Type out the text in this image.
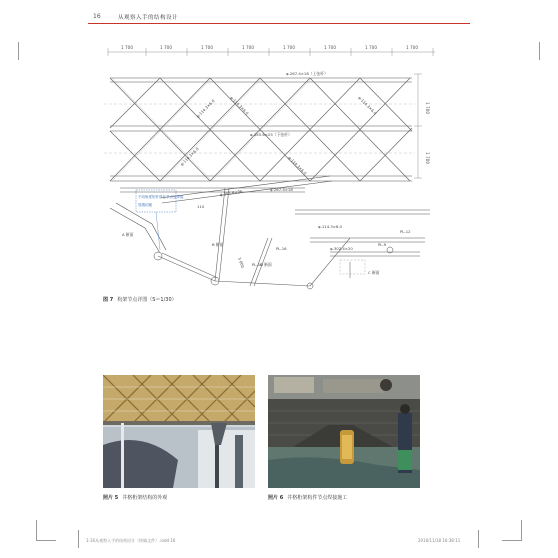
16	从观察入手的结构设计
1 700	1 700	1 700	1 700	1 700	1 700	1 700	1 700
1 700
1 700
φ-267.4×18（上弦杆）
φ-355.6×25（下弦杆）
φ-267.4×18
φ-114.3×6.0	φ-114.3×6.0	φ-114.3×6.0
φ-114.3×6.0
φ-114.3×6.0
φ-355.6×25
φ-114.3×6.0
φ-302.4×20
PL-16
PL-16
PL-12
PL-9
110
3 000
A 断面
B 断面
C 断面
D 断面
不同角度的杆件在节点处焊接
管端切割
图 7 构架节点详图（S＝1/30）
照片 5 井格桁架结构的外观	照片 6 井格桁架构件节点焊接施工
1-16从观察入手的结构设计（终稿文件）.indd 16	2016/11/18 16:38:11
